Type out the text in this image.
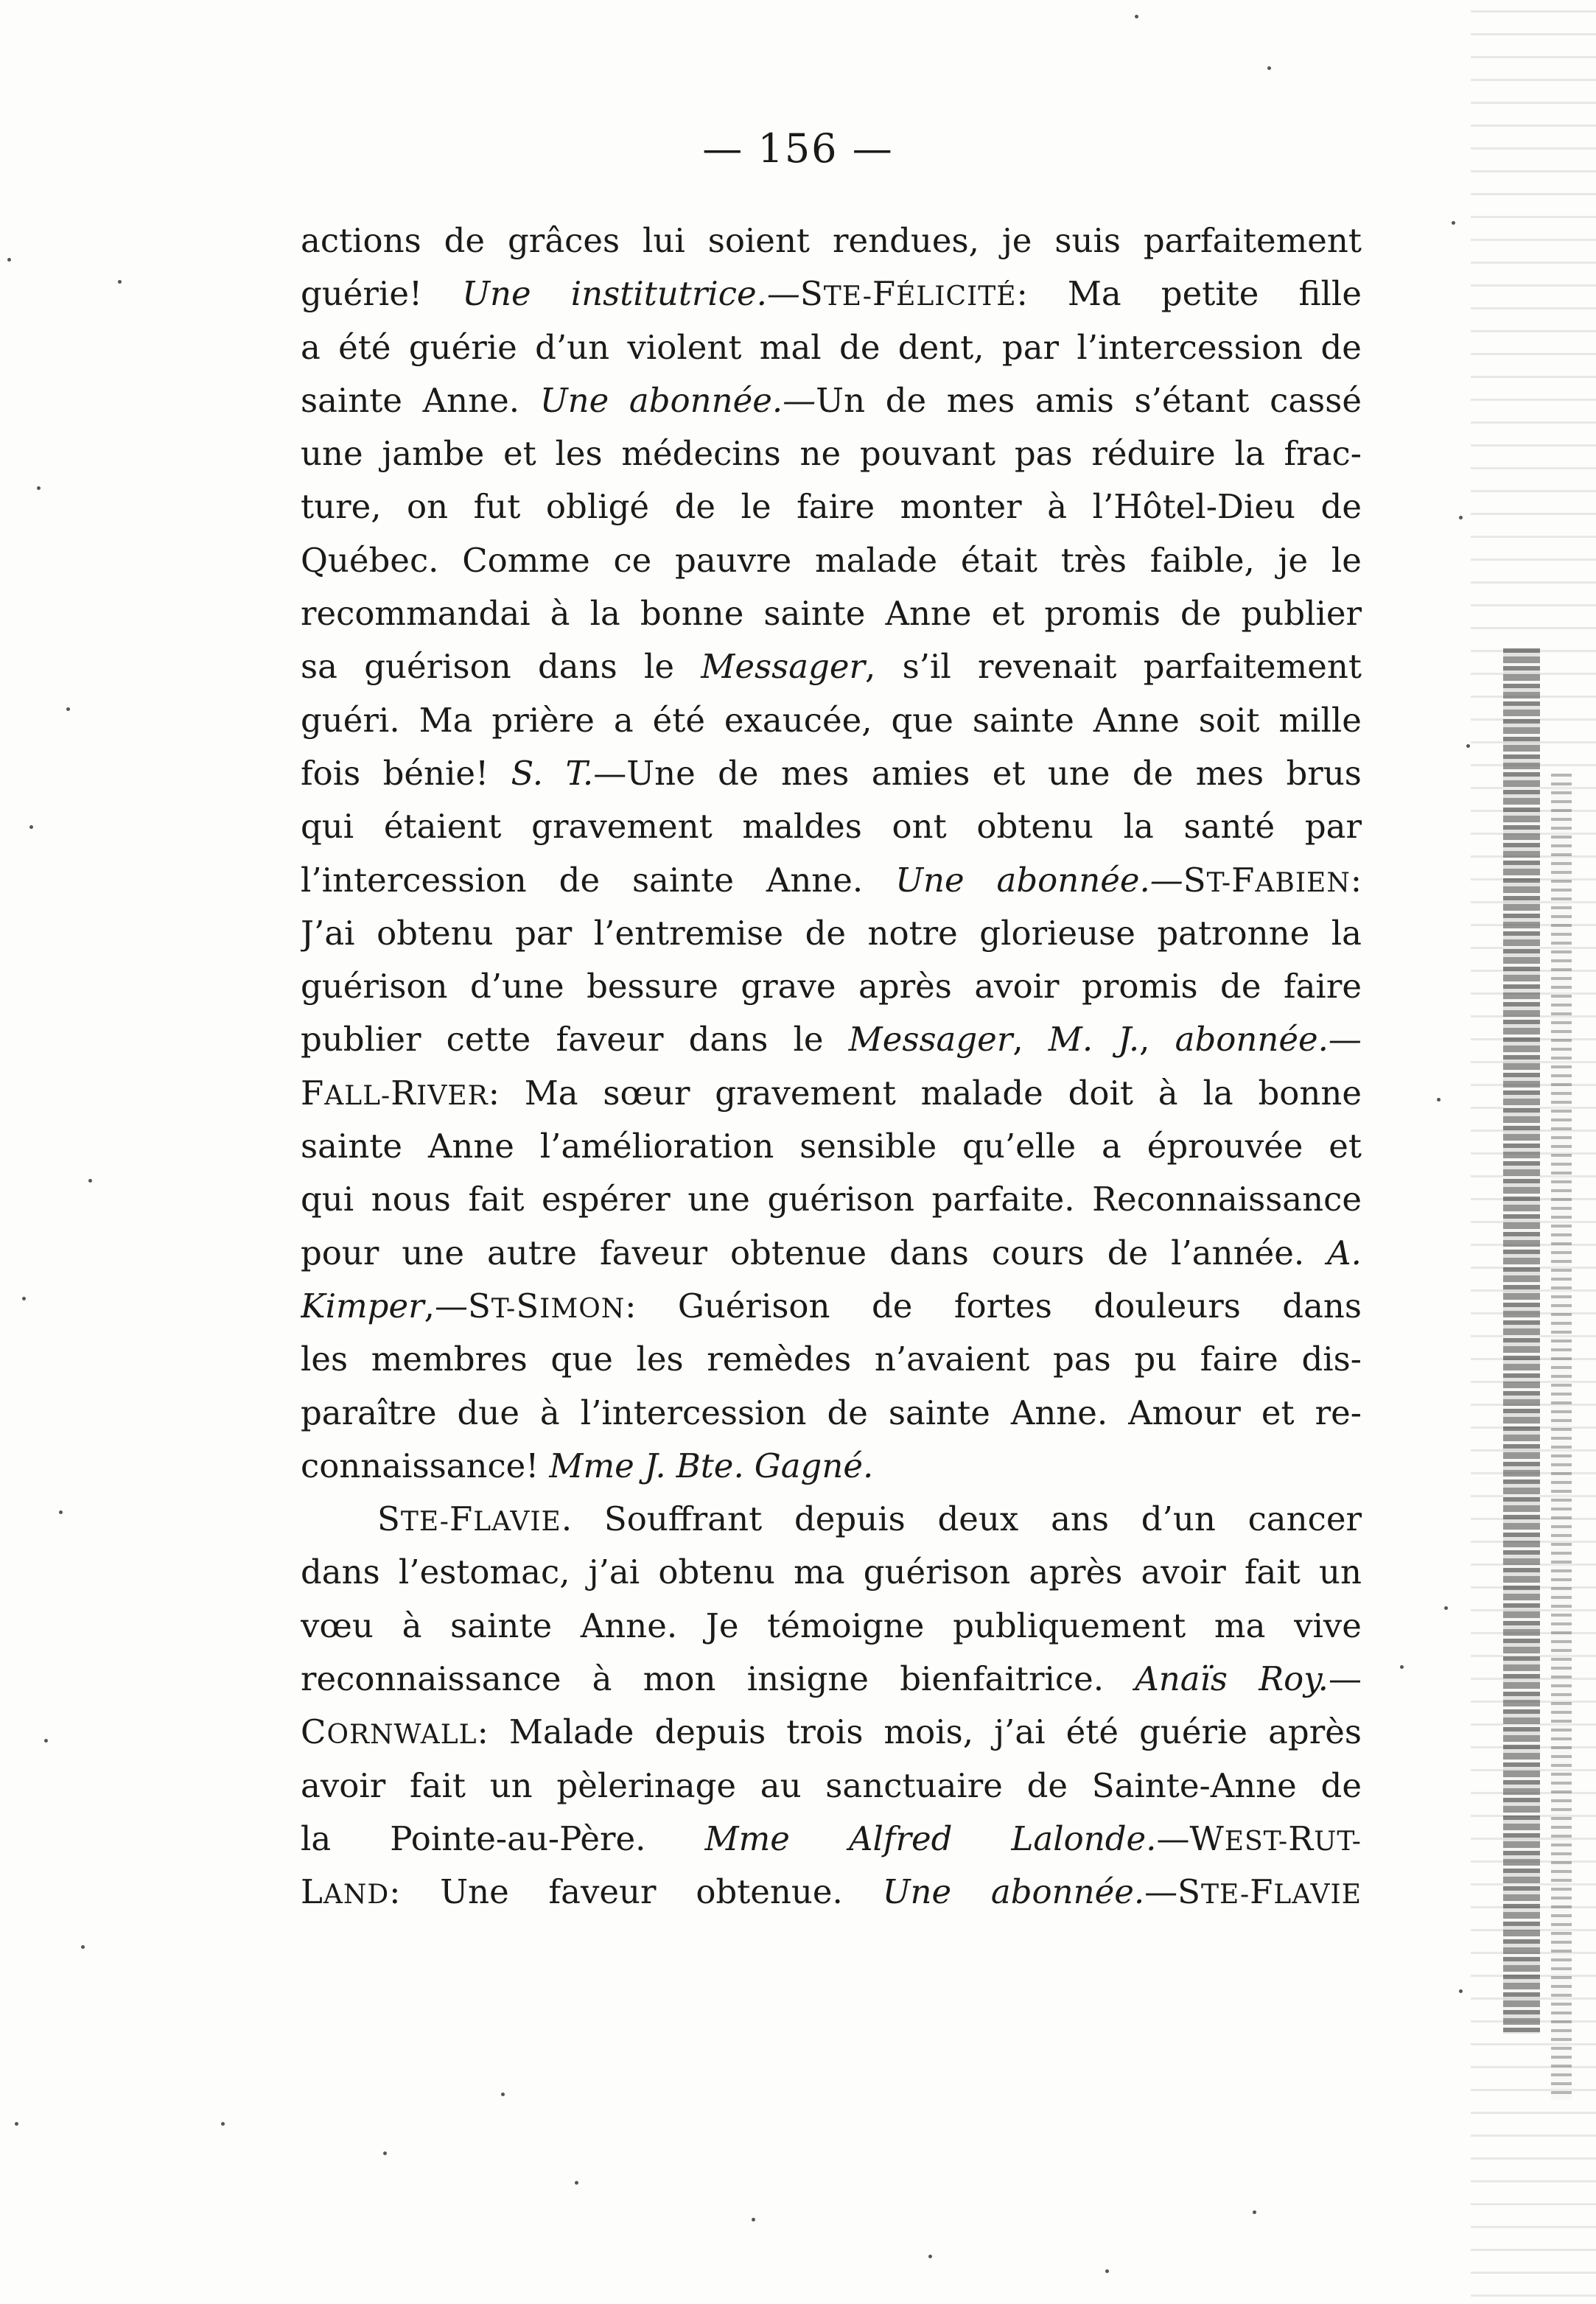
— 156 —
actions de grâces lui soient rendues, je suis parfaitement
guérie! Une institutrice.—STE-FÉLICITÉ: Ma petite fille
a été guérie d’un violent mal de dent, par l’intercession de
sainte Anne. Une abonnée.—Un de mes amis s’étant cassé
une jambe et les médecins ne pouvant pas réduire la frac-
ture, on fut obligé de le faire monter à l’Hôtel-Dieu de
Québec. Comme ce pauvre malade était très faible, je le
recommandai à la bonne sainte Anne et promis de publier
sa guérison dans le Messager, s’il revenait parfaitement
guéri. Ma prière a été exaucée, que sainte Anne soit mille
fois bénie! S. T.—Une de mes amies et une de mes brus
qui étaient gravement maldes ont obtenu la santé par
l’intercession de sainte Anne. Une abonnée.—ST-FABIEN:
J’ai obtenu par l’entremise de notre glorieuse patronne la
guérison d’une bessure grave après avoir promis de faire
publier cette faveur dans le Messager, M. J., abonnée.—
FALL-RIVER: Ma sœur gravement malade doit à la bonne
sainte Anne l’amélioration sensible qu’elle a éprouvée et
qui nous fait espérer une guérison parfaite. Reconnaissance
pour une autre faveur obtenue dans cours de l’année. A.
Kimper,—ST-SIMON: Guérison de fortes douleurs dans
les membres que les remèdes n’avaient pas pu faire dis-
paraître due à l’intercession de sainte Anne. Amour et re-
connaissance! Mme J. Bte. Gagné.
STE-FLAVIE. Souffrant depuis deux ans d’un cancer
dans l’estomac, j’ai obtenu ma guérison après avoir fait un
vœu à sainte Anne. Je témoigne publiquement ma vive
reconnaissance à mon insigne bienfaitrice. Anaïs Roy.—
CORNWALL: Malade depuis trois mois, j’ai été guérie après
avoir fait un pèlerinage au sanctuaire de Sainte-Anne de
la Pointe-au-Père. Mme Alfred Lalonde.—WEST-RUT-
LAND: Une faveur obtenue. Une abonnée.—STE-FLAVIE
